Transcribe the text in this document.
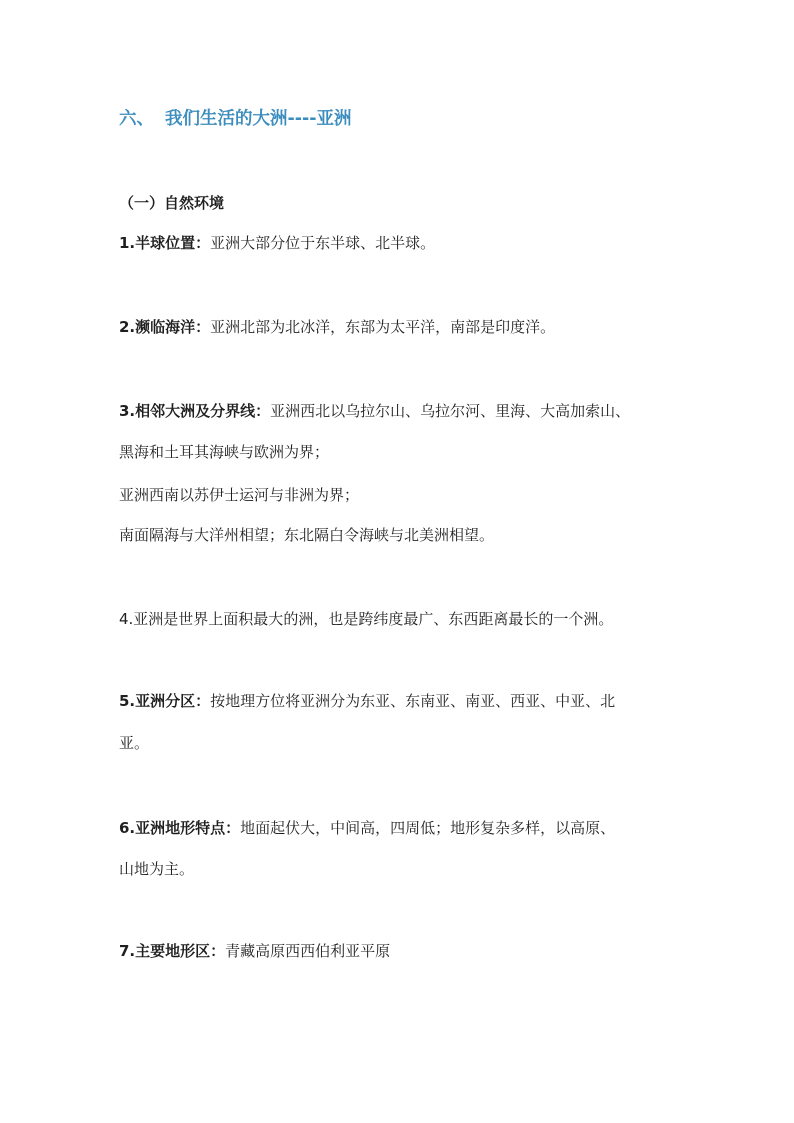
六、 我们生活的大洲----亚洲
（一）自然环境
1.半球位置：亚洲大部分位于东半球、北半球。
2.濒临海洋：亚洲北部为北冰洋，东部为太平洋，南部是印度洋。
3.相邻大洲及分界线：亚洲西北以乌拉尔山、乌拉尔河、里海、大高加索山、
黑海和土耳其海峡与欧洲为界；
亚洲西南以苏伊士运河与非洲为界；
南面隔海与大洋州相望；东北隔白令海峡与北美洲相望。
4.亚洲是世界上面积最大的洲，也是跨纬度最广、东西距离最长的一个洲。
5.亚洲分区：按地理方位将亚洲分为东亚、东南亚、南亚、西亚、中亚、北
亚。
6.亚洲地形特点：地面起伏大，中间高，四周低；地形复杂多样，以高原、
山地为主。
7.主要地形区：青藏高原西西伯利亚平原
